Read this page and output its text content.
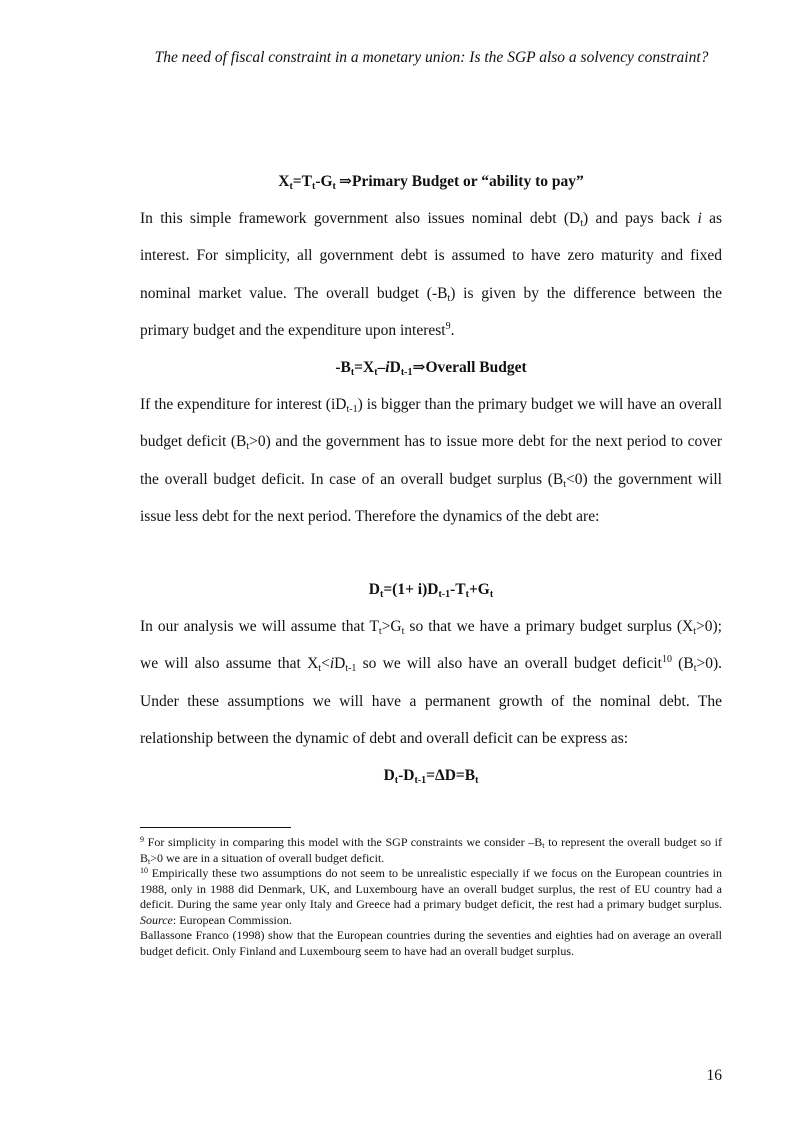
The need of fiscal constraint in a monetary union: Is the SGP also a solvency constraint?
$X_t=T_t-G_t$  ⇒Primary Budget or “ability to pay”
In this simple framework government also issues nominal debt $(D_t)$ and pays back i as interest. For simplicity, all government debt is assumed to have zero maturity and fixed nominal market value. The overall budget $(-B_t)$ is given by the difference between the primary budget and the expenditure upon interest$^9$.
$-B_t=X_t-iD_{t-1}\Rightarrow Overall$ Budget
If the expenditure for interest $(iD_{t-1})$ is bigger than the primary budget we will have an overall budget deficit $(B_t>0)$ and the government has to issue more debt for the next period to cover the overall budget deficit. In case of an overall budget surplus $(B_t<0)$ the government will issue less debt for the next period. Therefore the dynamics of the debt are:
$D_t=(1+ i)D_{t-1}-T_t+G_t$
In our analysis we will assume that $T_t>G_t$ so that we have a primary budget surplus $(X_t>0)$; we will also assume that $X_t<iD_{t-1}$ so we will also have an overall budget deficit$^{10}$ $(B_t>0)$. Under these assumptions we will have a permanent growth of the nominal debt. The relationship between the dynamic of debt and overall deficit can be express as:
$D_t-D_{t-1}=\Delta D=B_t$
$^9$ For simplicity in comparing this model with the SGP constraints we consider $-B_t$ to represent the overall budget so if $B_t>0$ we are in a situation of overall budget deficit.
$^{10}$ Empirically these two assumptions do not seem to be unrealistic especially if we focus on the European countries in 1988, only in 1988 did Denmark, UK, and Luxembourg have an overall budget surplus, the rest of EU country had a deficit. During the same year only Italy and Greece had a primary budget deficit, the rest had a primary budget surplus. Source: European Commission.
Ballassone Franco (1998) show that the European countries during the seventies and eighties had on average an overall budget deficit. Only Finland and Luxembourg seem to have had an overall budget surplus.
16
